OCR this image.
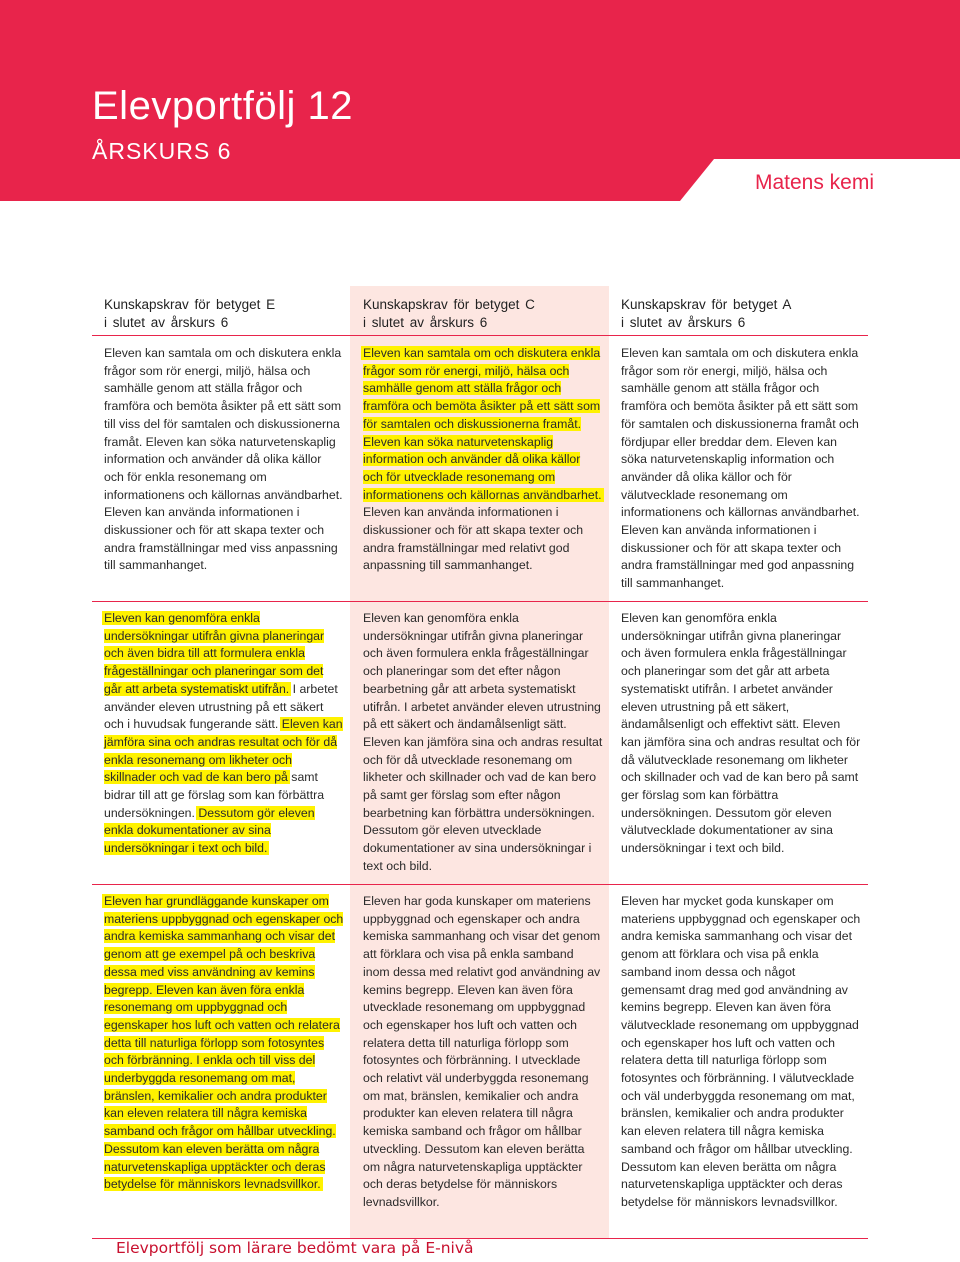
Elevportfölj 12
ÅRSKURS 6
Matens kemi
Kunskapskrav för betyget E
i slutet av årskurs 6
Kunskapskrav för betyget C
i slutet av årskurs 6
Kunskapskrav för betyget A
i slutet av årskurs 6
Eleven kan samtala om och diskutera enkla frågor som rör energi, miljö, hälsa och samhälle genom att ställa frågor och framföra och bemöta åsikter på ett sätt som till viss del för samtalen och diskussionerna framåt. Eleven kan söka naturvetenskaplig information och använder då olika källor och för enkla resonemang om informationens och källornas användbarhet. Eleven kan använda informationen i diskussioner och för att skapa texter och andra framställningar med viss anpassning till sammanhanget.
Eleven kan samtala om och diskutera enkla frågor som rör energi, miljö, hälsa och samhälle genom att ställa frågor och framföra och bemöta åsikter på ett sätt som för samtalen och diskussionerna framåt. Eleven kan söka naturvetenskaplig information och använder då olika källor och för utvecklade resonemang om informationens och källornas användbarhet. Eleven kan använda informationen i diskussioner och för att skapa texter och andra framställningar med relativt god anpassning till sammanhanget.
Eleven kan samtala om och diskutera enkla frågor som rör energi, miljö, hälsa och samhälle genom att ställa frågor och framföra och bemöta åsikter på ett sätt som för samtalen och diskussionerna framåt och fördjupar eller breddar dem. Eleven kan söka naturvetenskaplig information och använder då olika källor och för välutvecklade resonemang om informationens och källornas användbarhet. Eleven kan använda informationen i diskussioner och för att skapa texter och andra framställningar med god anpassning till sammanhanget.
Eleven kan genomföra enkla undersökningar utifrån givna planeringar och även bidra till att formulera enkla frågeställningar och planeringar som det går att arbeta systematiskt utifrån. I arbetet använder eleven utrustning på ett säkert och i huvudsak fungerande sätt. Eleven kan jämföra sina och andras resultat och för då enkla resonemang om likheter och skillnader och vad de kan bero på samt bidrar till att ge förslag som kan förbättra undersökningen. Dessutom gör eleven enkla dokumentationer av sina undersökningar i text och bild.
Eleven kan genomföra enkla undersökningar utifrån givna planeringar och även formulera enkla frågeställningar och planeringar som det efter någon bearbetning går att arbeta systematiskt utifrån. I arbetet använder eleven utrustning på ett säkert och ändamålsenligt sätt. Eleven kan jämföra sina och andras resultat och för då utvecklade resonemang om likheter och skillnader och vad de kan bero på samt ger förslag som efter någon bearbetning kan förbättra undersökningen. Dessutom gör eleven utvecklade dokumentationer av sina undersökningar i text och bild.
Eleven kan genomföra enkla undersökningar utifrån givna planeringar och även formulera enkla frågeställningar och planeringar som det går att arbeta systematiskt utifrån. I arbetet använder eleven utrustning på ett säkert, ändamålsenligt och effektivt sätt. Eleven kan jämföra sina och andras resultat och för då välutvecklade resonemang om likheter och skillnader och vad de kan bero på samt ger förslag som kan förbättra undersökningen. Dessutom gör eleven välutvecklade dokumentationer av sina undersökningar i text och bild.
Eleven har grundläggande kunskaper om materiens uppbyggnad och egenskaper och andra kemiska sammanhang och visar det genom att ge exempel på och beskriva dessa med viss användning av kemins begrepp. Eleven kan även föra enkla resonemang om uppbyggnad och egenskaper hos luft och vatten och relatera detta till naturliga förlopp som fotosyntes och förbränning. I enkla och till viss del underbyggda resonemang om mat, bränslen, kemikalier och andra produkter kan eleven relatera till några kemiska samband och frågor om hållbar utveckling. Dessutom kan eleven berätta om några naturvetenskapliga upptäckter och deras betydelse för människors levnadsvillkor.
Eleven har goda kunskaper om materiens uppbyggnad och egenskaper och andra kemiska sammanhang och visar det genom att förklara och visa på enkla samband inom dessa med relativt god användning av kemins begrepp. Eleven kan även föra utvecklade resonemang om uppbyggnad och egenskaper hos luft och vatten och relatera detta till naturliga förlopp som fotosyntes och förbränning. I utvecklade och relativt väl underbyggda resonemang om mat, bränslen, kemikalier och andra produkter kan eleven relatera till några kemiska samband och frågor om hållbar utveckling. Dessutom kan eleven berätta om några naturvetenskapliga upptäckter och deras betydelse för människors levnadsvillkor.
Eleven har mycket goda kunskaper om materiens uppbyggnad och egenskaper och andra kemiska sammanhang och visar det genom att förklara och visa på enkla samband inom dessa och något gemensamt drag med god användning av kemins begrepp. Eleven kan även föra välutvecklade resonemang om uppbyggnad och egenskaper hos luft och vatten och relatera detta till naturliga förlopp som fotosyntes och förbränning. I välutvecklade och väl underbyggda resonemang om mat, bränslen, kemikalier och andra produkter kan eleven relatera till några kemiska samband och frågor om hållbar utveckling. Dessutom kan eleven berätta om några naturvetenskapliga upptäckter och deras betydelse för människors levnadsvillkor.
Elevportfölj som lärare bedömt vara på E-nivå
